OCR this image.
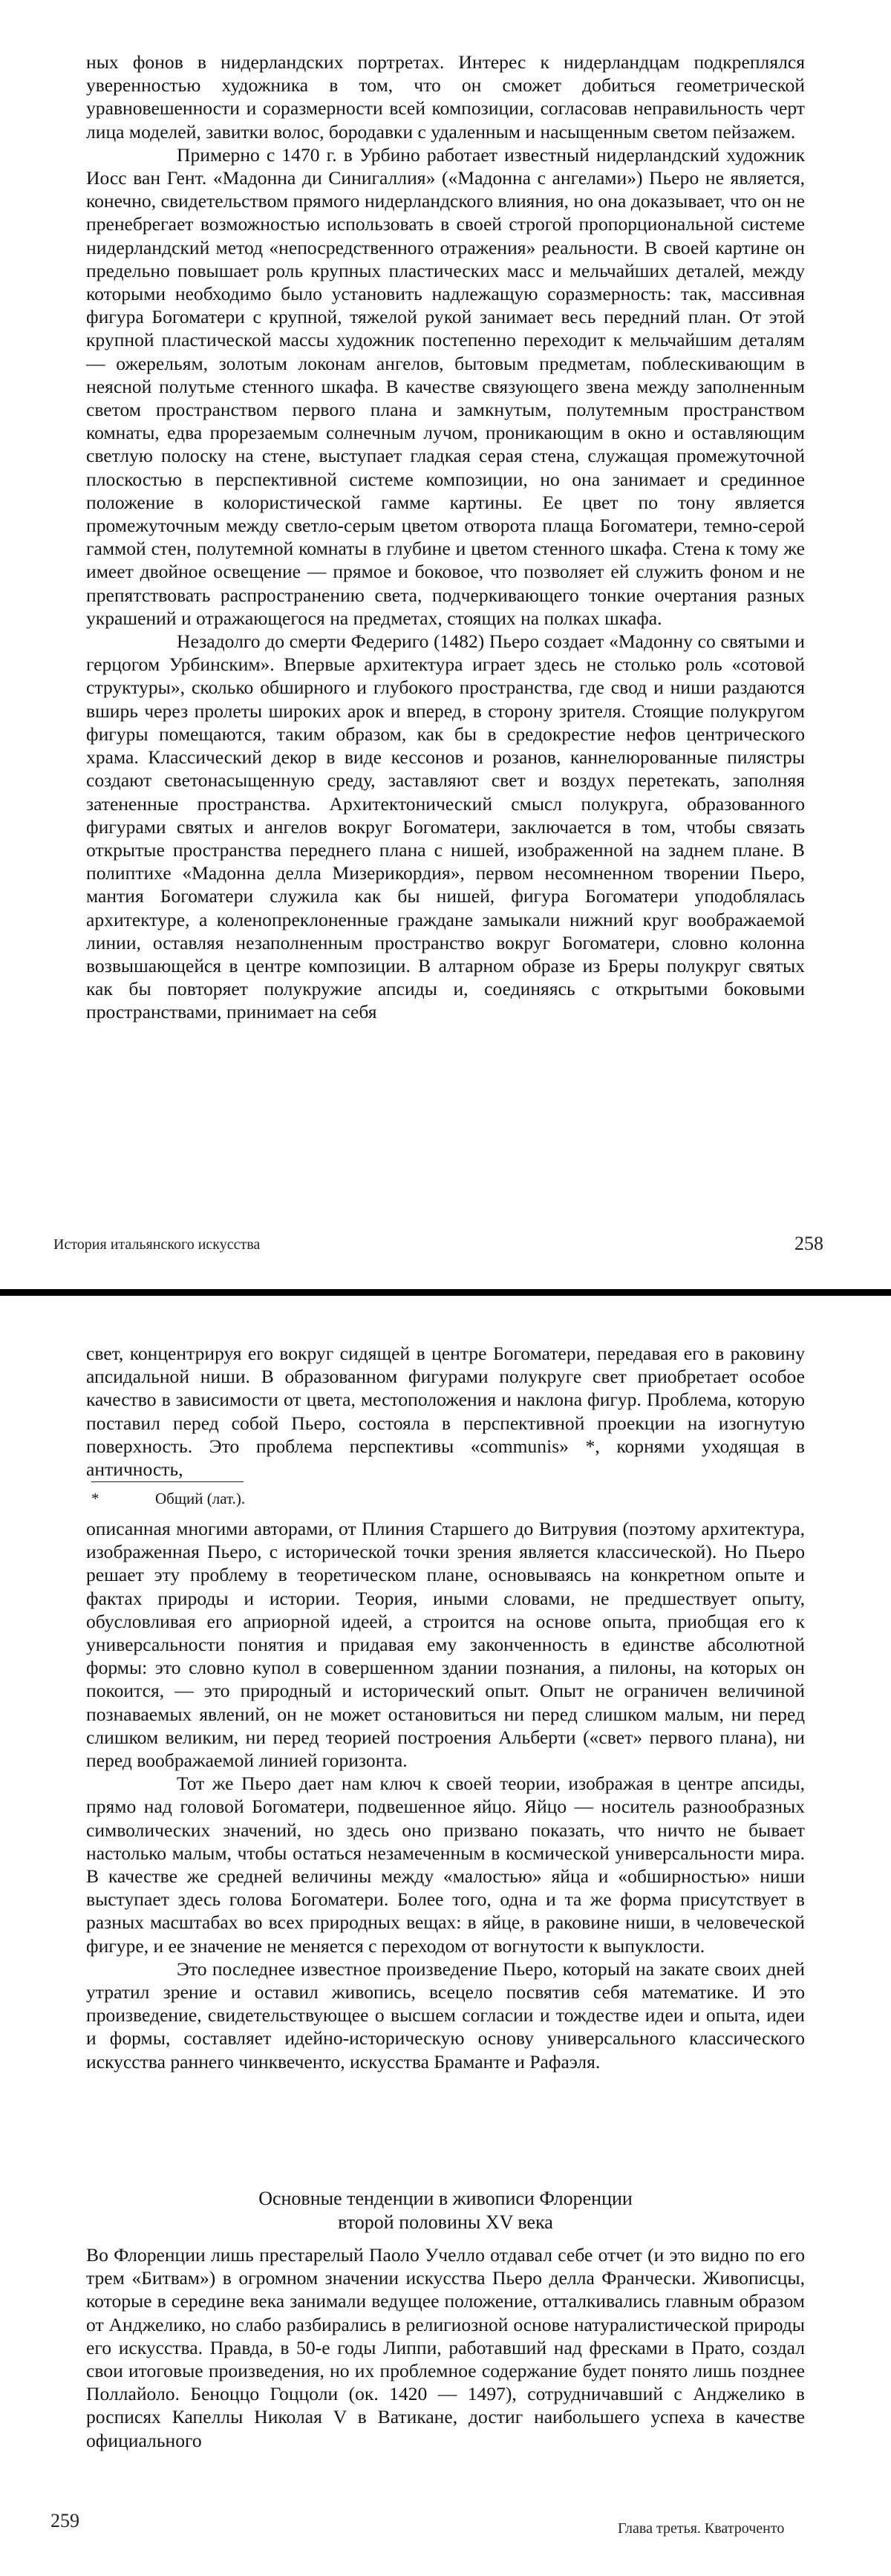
ных фонов в нидерландских портретах. Интерес к нидерландцам подкреплялся уверенностью художника в том, что он сможет добиться геометрической уравновешенности и соразмерности всей композиции, согласовав неправильность черт лица моделей, завитки волос, бородавки с удаленным и насыщенным светом пейзажем.

Примерно с 1470 г. в Урбино работает известный нидерландский художник Иосс ван Гент. «Мадонна ди Синигаллия» («Мадонна с ангелами») Пьеро не является, конечно, свидетельством прямого нидерландского влияния, но она доказывает, что он не пренебрегает возможностью использовать в своей строгой пропорциональной системе нидерландский метод «непосредственного отражения» реальности. В своей картине он предельно повышает роль крупных пластических масс и мельчайших деталей, между которыми необходимо было установить надлежащую соразмерность: так, массивная фигура Богоматери с крупной, тяжелой рукой занимает весь передний план. От этой крупной пластической массы художник постепенно переходит к мельчайшим деталям — ожерельям, золотым локонам ангелов, бытовым предметам, поблескивающим в неясной полутьме стенного шкафа. В качестве связующего звена между заполненным светом пространством первого плана и замкнутым, полутемным пространством комнаты, едва прорезаемым солнечным лучом, проникающим в окно и оставляющим светлую полоску на стене, выступает гладкая серая стена, служащая промежуточной плоскостью в перспективной системе композиции, но она занимает и срединное положение в колористической гамме картины. Ее цвет по тону является промежуточным между светло-серым цветом отворота плаща Богоматери, темно-серой гаммой стен, полутемной комнаты в глубине и цветом стенного шкафа. Стена к тому же имеет двойное освещение — прямое и боковое, что позволяет ей служить фоном и не препятствовать распространению света, подчеркивающего тонкие очертания разных украшений и отражающегося на предметах, стоящих на полках шкафа.

Незадолго до смерти Федериго (1482) Пьеро создает «Мадонну со святыми и герцогом Урбинским». Впервые архитектура играет здесь не столько роль «сотовой структуры», сколько обширного и глубокого пространства, где свод и ниши раздаются вширь через пролеты широких арок и вперед, в сторону зрителя. Стоящие полукругом фигуры помещаются, таким образом, как бы в средокрестие нефов центрического храма. Классический декор в виде кессонов и розанов, каннелюрованные пилястры создают светонасыщенную среду, заставляют свет и воздух перетекать, заполняя затененные пространства. Архитектонический смысл полукруга, образованного фигурами святых и ангелов вокруг Богоматери, заключается в том, чтобы связать открытые пространства переднего плана с нишей, изображенной на заднем плане. В полиптихе «Мадонна делла Мизерикордия», первом несомненном творении Пьеро, мантия Богоматери служила как бы нишей, фигура Богоматери уподоблялась архитектуре, а коленопреклоненные граждане замыкали нижний круг воображаемой линии, оставляя незаполненным пространство вокруг Богоматери, словно колонна возвышающейся в центре композиции. В алтарном образе из Бреры полукруг святых как бы повторяет полукружие апсиды и, соединяясь с открытыми боковыми пространствами, принимает на себя

История итальянского искусства	258

свет, концентрируя его вокруг сидящей в центре Богоматери, передавая его в раковину апсидальной ниши. В образованном фигурами полукруге свет приобретает особое качество в зависимости от цвета, местоположения и наклона фигур. Проблема, которую поставил перед собой Пьеро, состояла в перспективной проекции на изогнутую поверхность. Это проблема перспективы «communis» *, корнями уходящая в античность,

*	Общий (лат.).

описанная многими авторами, от Плиния Старшего до Витрувия (поэтому архитектура, изображенная Пьеро, с исторической точки зрения является классической). Но Пьеро решает эту проблему в теоретическом плане, основываясь на конкретном опыте и фактах природы и истории. Теория, иными словами, не предшествует опыту, обусловливая его априорной идеей, а строится на основе опыта, приобщая его к универсальности понятия и придавая ему законченность в единстве абсолютной формы: это словно купол в совершенном здании познания, а пилоны, на которых он покоится, — это природный и исторический опыт. Опыт не ограничен величиной познаваемых явлений, он не может остановиться ни перед слишком малым, ни перед слишком великим, ни перед теорией построения Альберти («свет» первого плана), ни перед воображаемой линией горизонта.

Тот же Пьеро дает нам ключ к своей теории, изображая в центре апсиды, прямо над головой Богоматери, подвешенное яйцо. Яйцо — носитель разнообразных символических значений, но здесь оно призвано показать, что ничто не бывает настолько малым, чтобы остаться незамеченным в космической универсальности мира. В качестве же средней величины между «малостью» яйца и «обширностью» ниши выступает здесь голова Богоматери. Более того, одна и та же форма присутствует в разных масштабах во всех природных вещах: в яйце, в раковине ниши, в человеческой фигуре, и ее значение не меняется с переходом от вогнутости к выпуклости.

Это последнее известное произведение Пьеро, который на закате своих дней утратил зрение и оставил живопись, всецело посвятив себя математике. И это произведение, свидетельствующее о высшем согласии и тождестве идеи и опыта, идеи и формы, составляет идейно-историческую основу универсального классического искусства раннего чинквеченто, искусства Браманте и Рафаэля.

Основные тенденции в живописи Флоренции
второй половины XV века

Во Флоренции лишь престарелый Паоло Учелло отдавал себе отчет (и это видно по его трем «Битвам») в огромном значении искусства Пьеро делла Франчески. Живописцы, которые в середине века занимали ведущее положение, отталкивались главным образом от Анджелико, но слабо разбирались в религиозной основе натуралистической природы его искусства. Правда, в 50-е годы Липпи, работавший над фресками в Прато, создал свои итоговые произведения, но их проблемное содержание будет понято лишь позднее Поллайоло. Беноццо Гоццоли (ок. 1420 — 1497), сотрудничавший с Анджелико в росписях Капеллы Николая V в Ватикане, достиг наибольшего успеха в качестве официального

259	Глава третья. Кватроченто
